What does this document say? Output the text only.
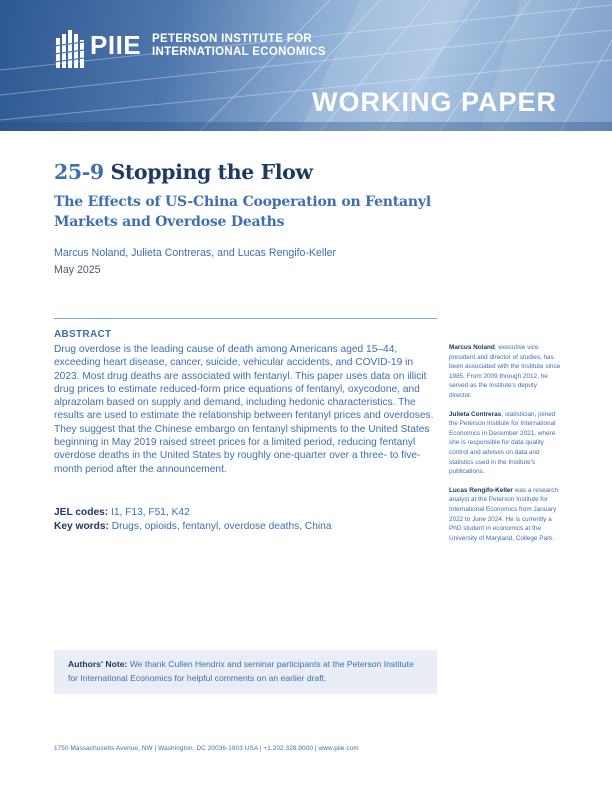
PIIE PETERSON INSTITUTE FOR
INTERNATIONAL ECONOMICS
WORKING PAPER
25-9 Stopping the Flow
The Effects of US-China Cooperation on Fentanyl Markets and Overdose Deaths
Marcus Noland, Julieta Contreras, and Lucas Rengifo-Keller
May 2025
ABSTRACT
Drug overdose is the leading cause of death among Americans aged 15–44, exceeding heart disease, cancer, suicide, vehicular accidents, and COVID-19 in 2023. Most drug deaths are associated with fentanyl. This paper uses data on illicit drug prices to estimate reduced-form price equations of fentanyl, oxycodone, and alprazolam based on supply and demand, including hedonic characteristics. The results are used to estimate the relationship between fentanyl prices and overdoses. They suggest that the Chinese embargo on fentanyl shipments to the United States beginning in May 2019 raised street prices for a limited period, reducing fentanyl overdose deaths in the United States by roughly one-quarter over a three- to five-month period after the announcement.
JEL codes: I1, F13, F51, K42
Key words: Drugs, opioids, fentanyl, overdose deaths, China

Marcus Noland, executive vice president and director of studies, has been associated with the Institute since 1985. From 2009 through 2012, he served as the Institute's deputy director.

Julieta Contreras, statistician, joined the Peterson Institute for International Economics in December 2021, where she is responsible for data quality control and advises on data and statistics used in the Institute's publications.

Lucas Rengifo-Keller was a research analyst at the Peterson Institute for International Economics from January 2022 to June 2024. He is currently a PhD student in economics at the University of Maryland, College Park.

Authors' Note: We thank Cullen Hendrix and seminar participants at the Peterson Institute for International Economics for helpful comments on an earlier draft.
1750 Massachusetts Avenue, NW | Washington, DC 20036-1903 USA | +1.202.328.9000 | www.piie.com
